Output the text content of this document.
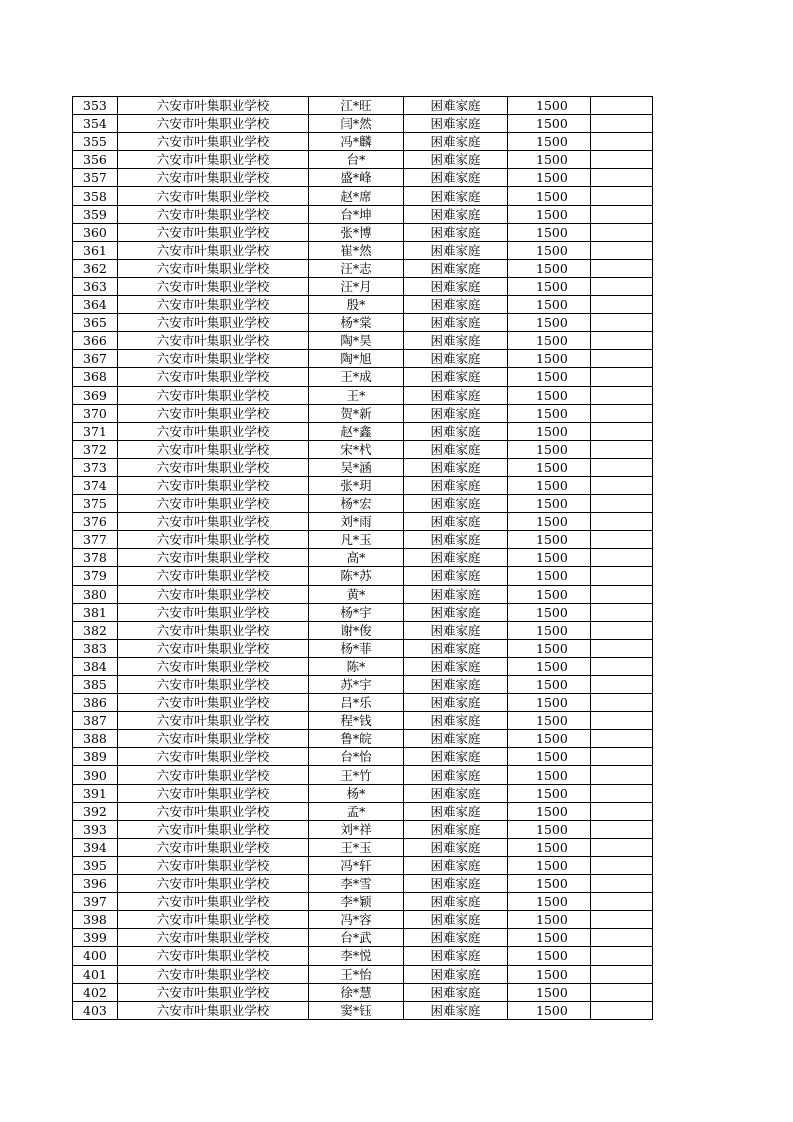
353	六安市叶集职业学校	江*旺	困难家庭	1500	
354	六安市叶集职业学校	闫*然	困难家庭	1500	
355	六安市叶集职业学校	冯*麟	困难家庭	1500	
356	六安市叶集职业学校	台*	困难家庭	1500	
357	六安市叶集职业学校	盛*峰	困难家庭	1500	
358	六安市叶集职业学校	赵*席	困难家庭	1500	
359	六安市叶集职业学校	台*坤	困难家庭	1500	
360	六安市叶集职业学校	张*博	困难家庭	1500	
361	六安市叶集职业学校	崔*然	困难家庭	1500	
362	六安市叶集职业学校	汪*志	困难家庭	1500	
363	六安市叶集职业学校	汪*月	困难家庭	1500	
364	六安市叶集职业学校	殷*	困难家庭	1500	
365	六安市叶集职业学校	杨*棠	困难家庭	1500	
366	六安市叶集职业学校	陶*昊	困难家庭	1500	
367	六安市叶集职业学校	陶*旭	困难家庭	1500	
368	六安市叶集职业学校	王*成	困难家庭	1500	
369	六安市叶集职业学校	王*	困难家庭	1500	
370	六安市叶集职业学校	贺*新	困难家庭	1500	
371	六安市叶集职业学校	赵*鑫	困难家庭	1500	
372	六安市叶集职业学校	宋*杙	困难家庭	1500	
373	六安市叶集职业学校	吴*涵	困难家庭	1500	
374	六安市叶集职业学校	张*玥	困难家庭	1500	
375	六安市叶集职业学校	杨*宏	困难家庭	1500	
376	六安市叶集职业学校	刘*雨	困难家庭	1500	
377	六安市叶集职业学校	凡*玉	困难家庭	1500	
378	六安市叶集职业学校	高*	困难家庭	1500	
379	六安市叶集职业学校	陈*苏	困难家庭	1500	
380	六安市叶集职业学校	黄*	困难家庭	1500	
381	六安市叶集职业学校	杨*宇	困难家庭	1500	
382	六安市叶集职业学校	谢*俊	困难家庭	1500	
383	六安市叶集职业学校	杨*菲	困难家庭	1500	
384	六安市叶集职业学校	陈*	困难家庭	1500	
385	六安市叶集职业学校	苏*宇	困难家庭	1500	
386	六安市叶集职业学校	吕*乐	困难家庭	1500	
387	六安市叶集职业学校	程*钱	困难家庭	1500	
388	六安市叶集职业学校	鲁*皖	困难家庭	1500	
389	六安市叶集职业学校	台*怡	困难家庭	1500	
390	六安市叶集职业学校	王*竹	困难家庭	1500	
391	六安市叶集职业学校	杨*	困难家庭	1500	
392	六安市叶集职业学校	孟*	困难家庭	1500	
393	六安市叶集职业学校	刘*祥	困难家庭	1500	
394	六安市叶集职业学校	王*玉	困难家庭	1500	
395	六安市叶集职业学校	冯*轩	困难家庭	1500	
396	六安市叶集职业学校	李*雪	困难家庭	1500	
397	六安市叶集职业学校	李*颖	困难家庭	1500	
398	六安市叶集职业学校	冯*容	困难家庭	1500	
399	六安市叶集职业学校	台*武	困难家庭	1500	
400	六安市叶集职业学校	李*悦	困难家庭	1500	
401	六安市叶集职业学校	王*怡	困难家庭	1500	
402	六安市叶集职业学校	徐*慧	困难家庭	1500	
403	六安市叶集职业学校	窦*钰	困难家庭	1500	
